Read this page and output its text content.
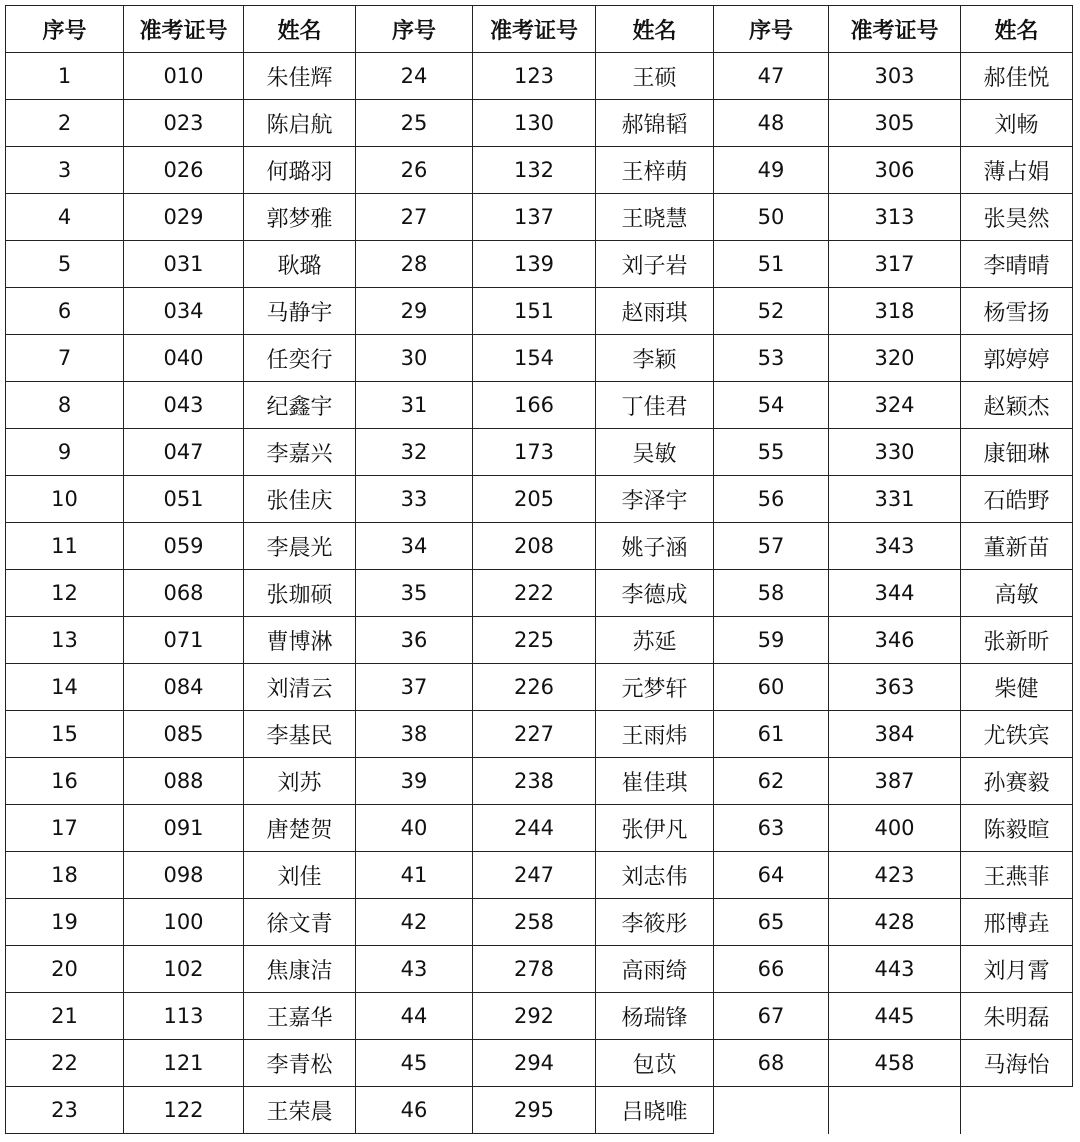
序号	准考证号	姓名	序号	准考证号	姓名	序号	准考证号	姓名
1	010	朱佳辉	24	123	王硕	47	303	郝佳悦
2	023	陈启航	25	130	郝锦韬	48	305	刘畅
3	026	何璐羽	26	132	王梓萌	49	306	薄占娟
4	029	郭梦雅	27	137	王晓慧	50	313	张昊然
5	031	耿璐	28	139	刘子岩	51	317	李晴晴
6	034	马静宇	29	151	赵雨琪	52	318	杨雪扬
7	040	任奕行	30	154	李颖	53	320	郭婷婷
8	043	纪鑫宇	31	166	丁佳君	54	324	赵颖杰
9	047	李嘉兴	32	173	吴敏	55	330	康钿琳
10	051	张佳庆	33	205	李泽宇	56	331	石皓野
11	059	李晨光	34	208	姚子涵	57	343	董新苗
12	068	张珈硕	35	222	李德成	58	344	高敏
13	071	曹博淋	36	225	苏延	59	346	张新昕
14	084	刘清云	37	226	元梦轩	60	363	柴健
15	085	李基民	38	227	王雨炜	61	384	尤铁宾
16	088	刘苏	39	238	崔佳琪	62	387	孙赛毅
17	091	唐楚贺	40	244	张伊凡	63	400	陈毅暄
18	098	刘佳	41	247	刘志伟	64	423	王燕菲
19	100	徐文青	42	258	李筱彤	65	428	邢博垚
20	102	焦康洁	43	278	高雨绮	66	443	刘月霄
21	113	王嘉华	44	292	杨瑞锋	67	445	朱明磊
22	121	李青松	45	294	包苡	68	458	马海怡
23	122	王荣晨	46	295	吕晓唯			
